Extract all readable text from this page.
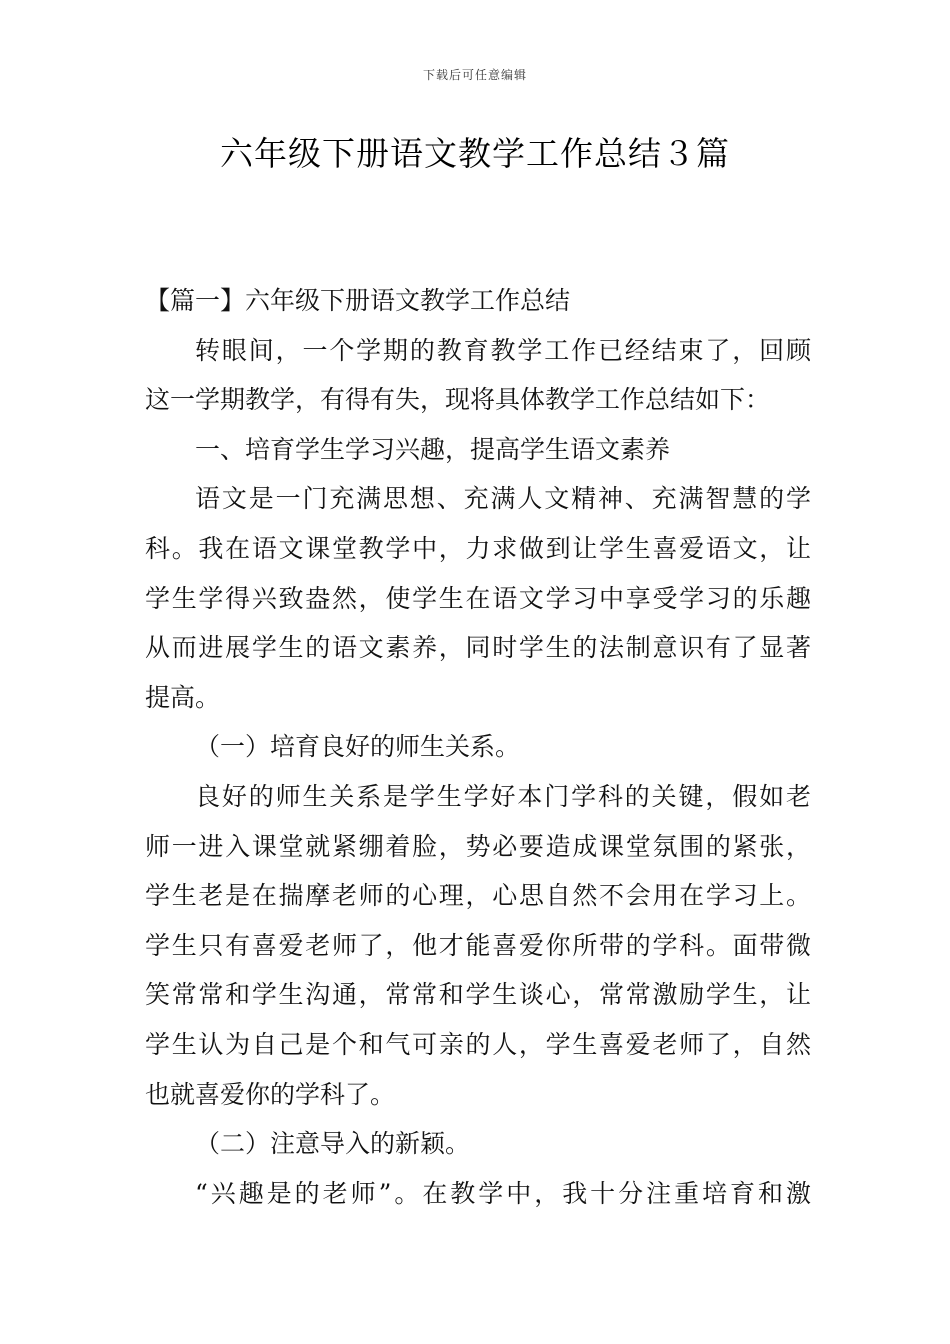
下载后可任意编辑
六年级下册语文教学工作总结３篇
【篇一】六年级下册语文教学工作总结
转眼间，一个学期的教育教学工作已经结束了，回顾
这一学期教学，有得有失，现将具体教学工作总结如下：
一、培育学生学习兴趣，提高学生语文素养
语文是一门充满思想、充满人文精神、充满智慧的学
科。我在语文课堂教学中，力求做到让学生喜爱语文，让
学生学得兴致盎然，使学生在语文学习中享受学习的乐趣
从而进展学生的语文素养，同时学生的法制意识有了显著
提高。
（一）培育良好的师生关系。
良好的师生关系是学生学好本门学科的关键，假如老
师一进入课堂就紧绷着脸，势必要造成课堂氛围的紧张，
学生老是在揣摩老师的心理，心思自然不会用在学习上。
学生只有喜爱老师了，他才能喜爱你所带的学科。面带微
笑常常和学生沟通，常常和学生谈心，常常激励学生，让
学生认为自己是个和气可亲的人，学生喜爱老师了，自然
也就喜爱你的学科了。
（二）注意导入的新颖。
“兴趣是的老师”。在教学中，我十分注重培育和激
